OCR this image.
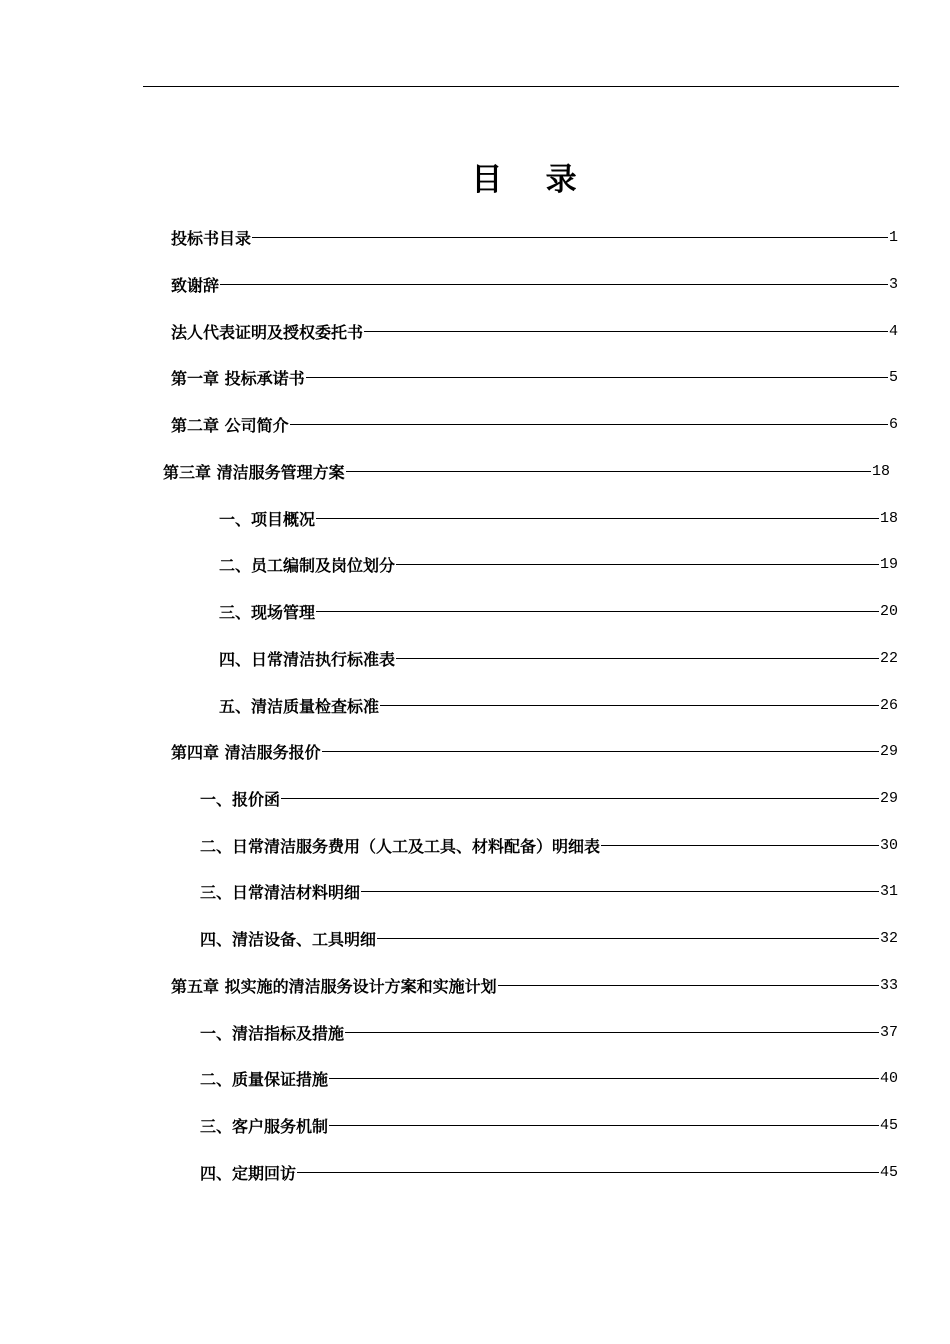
目    录
投标书目录	1
致谢辞	3
法人代表证明及授权委托书	4
第一章 投标承诺书	5
第二章 公司简介	6
第三章 清洁服务管理方案	18
一、项目概况	18
二、员工编制及岗位划分	19
三、现场管理	20
四、日常清洁执行标准表	22
五、清洁质量检查标准	26
第四章 清洁服务报价	29
一、报价函	29
二、日常清洁服务费用（人工及工具、材料配备）明细表	30
三、日常清洁材料明细	31
四、清洁设备、工具明细	32
第五章 拟实施的清洁服务设计方案和实施计划	33
一、清洁指标及措施	37
二、质量保证措施	40
三、客户服务机制	45
四、定期回访	45
